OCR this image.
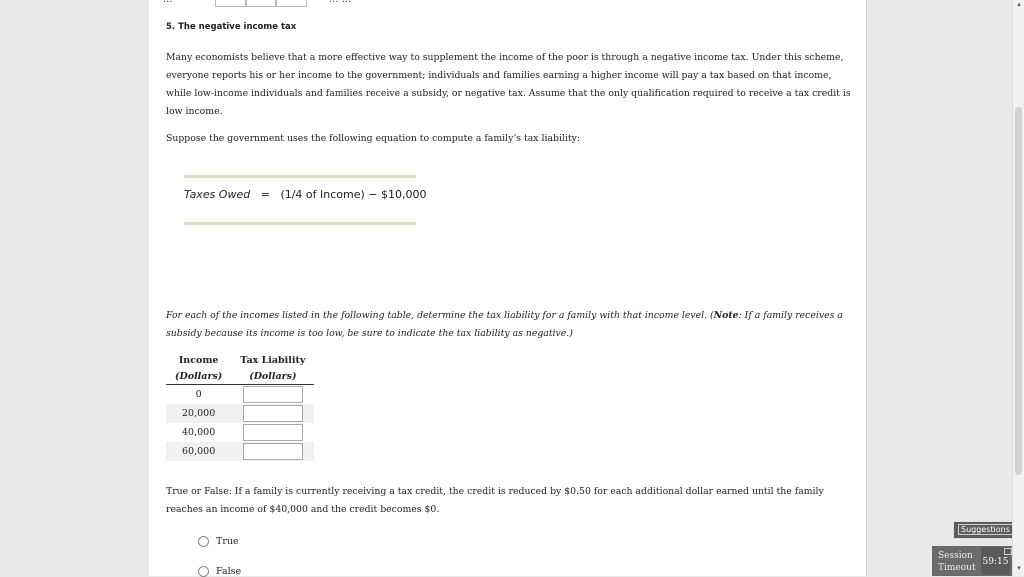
5. The negative income tax
Many economists believe that a more effective way to supplement the income of the poor is through a negative income tax. Under this scheme, everyone reports his or her income to the government; individuals and families earning a higher income will pay a tax based on that income, while low-income individuals and families receive a subsidy, or negative tax. Assume that the only qualification required to receive a tax credit is low income.
Suppose the government uses the following equation to compute a family’s tax liability:
Taxes Owed = (1/4 of Income) − $10,000
For each of the incomes listed in the following table, determine the tax liability for a family with that income level. (Note: If a family receives a subsidy because its income is too low, be sure to indicate the tax liability as negative.)
Income	Tax Liability
(Dollars)	(Dollars)
0	
20,000	
40,000	
60,000	
True or False: If a family is currently receiving a tax credit, the credit is reduced by $0.50 for each additional dollar earned until the family reaches an income of $40,000 and the credit becomes $0.
True
False
Suggestions
Session
Timeout
59:15
▴
▾
